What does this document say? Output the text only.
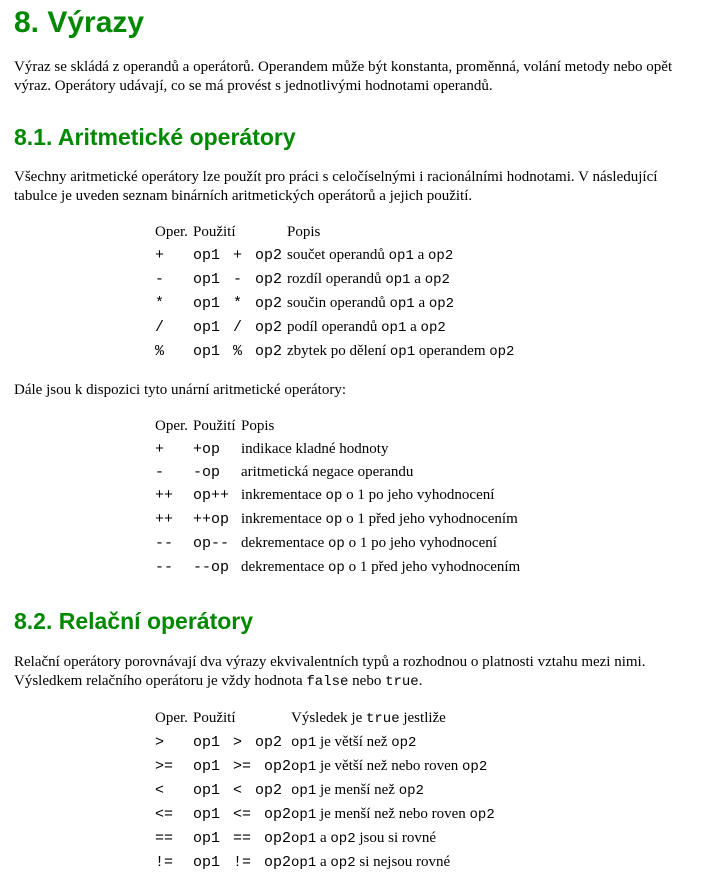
8. Výrazy

Výraz se skládá z operandů a operátorů. Operandem může být konstanta, proměnná, volání metody nebo opět výraz. Operátory udávají, co se má provést s jednotlivými hodnotami operandů.

8.1. Aritmetické operátory

Všechny aritmetické operátory lze použít pro práci s celočíselnými i racionálními hodnotami. V následující tabulce je uveden seznam binárních aritmetických operátorů a jejich použití.

Oper.	Použití	Popis
+	op1 + op2	součet operandů op1 a op2
-	op1 - op2	rozdíl operandů op1 a op2
*	op1 * op2	součin operandů op1 a op2
/	op1 / op2	podíl operandů op1 a op2
%	op1 % op2	zbytek po dělení op1 operandem op2

Dále jsou k dispozici tyto unární aritmetické operátory:

Oper.	Použití	Popis
+	+op	indikace kladné hodnoty
-	-op	aritmetická negace operandu
++	op++	inkrementace op o 1 po jeho vyhodnocení
++	++op	inkrementace op o 1 před jeho vyhodnocením
--	op--	dekrementace op o 1 po jeho vyhodnocení
--	--op	dekrementace op o 1 před jeho vyhodnocením
8.2. Relační operátory

Relační operátory porovnávají dva výrazy ekvivalentních typů a rozhodnou o platnosti vztahu mezi nimi. Výsledkem relačního operátoru je vždy hodnota false nebo true.

Oper.	Použití	Výsledek je true jestliže
>	op1 > op2	op1 je větší než op2
>=	op1 >= op2	op1 je větší než nebo roven op2
<	op1 < op2	op1 je menší než op2
<=	op1 <= op2	op1 je menší než nebo roven op2
==	op1 == op2	op1 a op2 jsou si rovné
!=	op1 != op2	op1 a op2 si nejsou rovné
